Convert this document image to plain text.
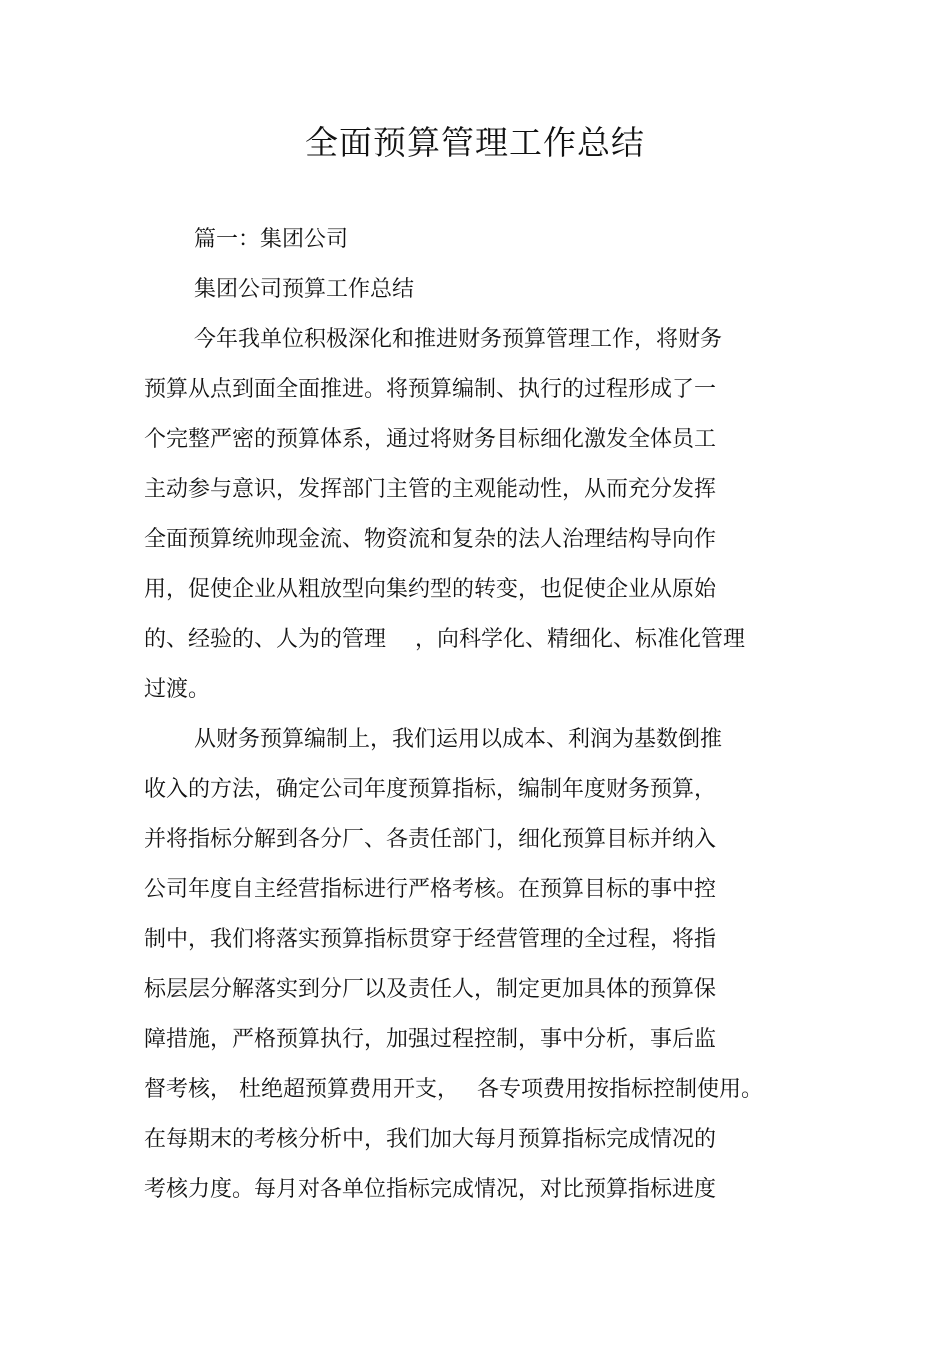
全面预算管理工作总结
篇一：集团公司
集团公司预算工作总结
今年我单位积极深化和推进财务预算管理工作，将财务
预算从点到面全面推进。将预算编制、执行的过程形成了一
个完整严密的预算体系，通过将财务目标细化激发全体员工
主动参与意识，发挥部门主管的主观能动性，从而充分发挥
全面预算统帅现金流、物资流和复杂的法人治理结构导向作
用，促使企业从粗放型向集约型的转变，也促使企业从原始
的、经验的、人为的管理　 ，向科学化、精细化、标准化管理
过渡。
从财务预算编制上，我们运用以成本、利润为基数倒推
收入的方法，确定公司年度预算指标，编制年度财务预算，
并将指标分解到各分厂、各责任部门，细化预算目标并纳入
公司年度自主经营指标进行严格考核。在预算目标的事中控
制中，我们将落实预算指标贯穿于经营管理的全过程，将指
标层层分解落实到分厂以及责任人，制定更加具体的预算保
障措施，严格预算执行，加强过程控制，事中分析，事后监
督考核， 杜绝超预算费用开支，　 各专项费用按指标控制使用。
在每期末的考核分析中，我们加大每月预算指标完成情况的
考核力度。每月对各单位指标完成情况，对比预算指标进度
